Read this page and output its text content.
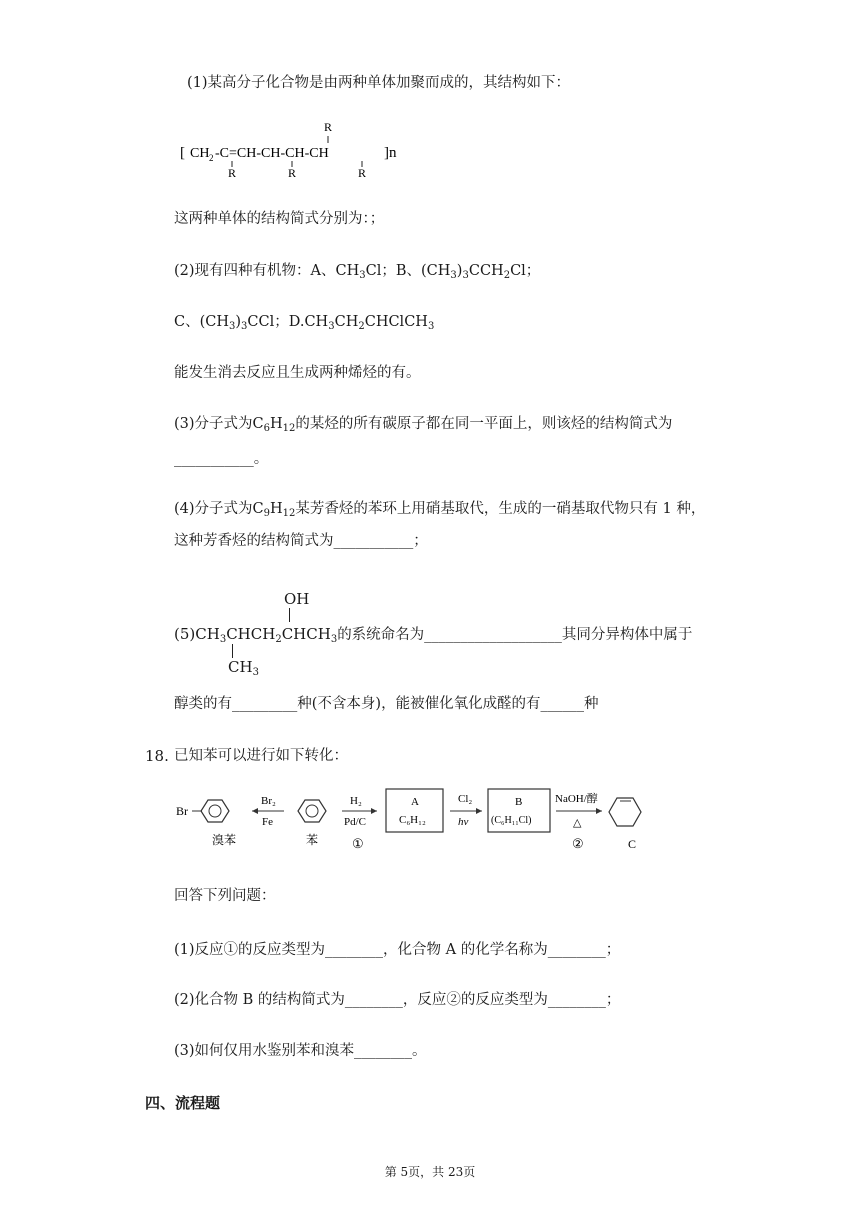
(1)某高分子化合物是由两种单体加聚而成的，其结构如下：
[ CH 2 -C=CH-CH-CH-CH	]n
R	R
R
R
这两种单体的结构简式分别为：；
(2)现有四种有机物：A、$CH_3Cl$；B、$(CH_3)_3CCH_2Cl$；
C、$(CH_3)_3CCl$；$D.CH_3CH_2CHClCH_3$
能发生消去反应且生成两种烯烃的有。
(3)分子式为$C_6H_{12}$的某烃的所有碳原子都在同一平面上，则该烃的结构简式为
___________。
(4)分子式为$C_9H_{12}$某芳香烃的苯环上用硝基取代，生成的一硝基取代物只有 1 种，
这种芳香烃的结构简式为___________；
OH
$(5)CH_3CHCH_2CHCH_3$的系统命名为___________________其同分异构体中属于
$CH_3$
醇类的有_________种(不含本身)，能被催化氧化成醛的有______种
18. 已知苯可以进行如下转化：
Br
溴苯
Br₂
Fe
苯
H₂
Pd/C
①
A
C₆H₁₂
Cl₂
hν
B
(C₆H₁₁Cl)
NaOH/醇
△
②	C
回答下列问题：
(1)反应①的反应类型为________，化合物 A 的化学名称为________；
(2)化合物 B 的结构简式为________，反应②的反应类型为________；
(3)如何仅用水鉴别苯和溴苯________。
四、流程题
第 5页，共 23页
